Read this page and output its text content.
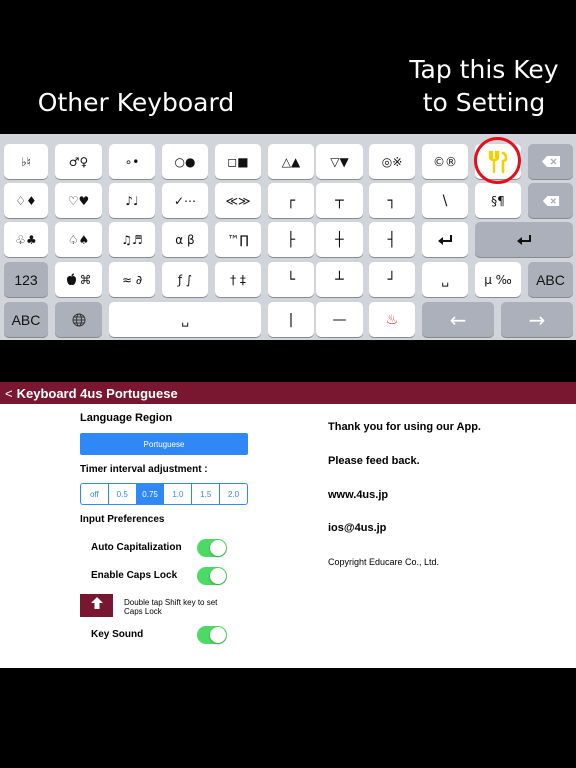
Other Keyboard
Tap this Key
to Setting
♭♮	♂♀	∘•	○●	◻■	△▲	▽▼	◎※	©®
♢♦	♡♥	♪♩	✓⋯	≪≫	┌	┬	┐	\	§¶
♧♣	♤♠	♫♬	α β	™∏	├	┼	┤
123	⌘	≈ ∂	ƒ ∫	† ‡	└	┴	┘	␣	µ ‰	ABC
ABC	␣	|	—	♨	←	→
< Keyboard 4us Portuguese
Language Region
Portuguese
Timer interval adjustment :
off	0.5	0.75	1.0	1.5	2.0
Input Preferences
Auto Capitalization
Enable Caps Lock
Double tap Shift key to set Caps Lock
Key Sound
Thank you for using our App.
Please feed back.
www.4us.jp
ios@4us.jp
Copyright Educare Co., Ltd.
